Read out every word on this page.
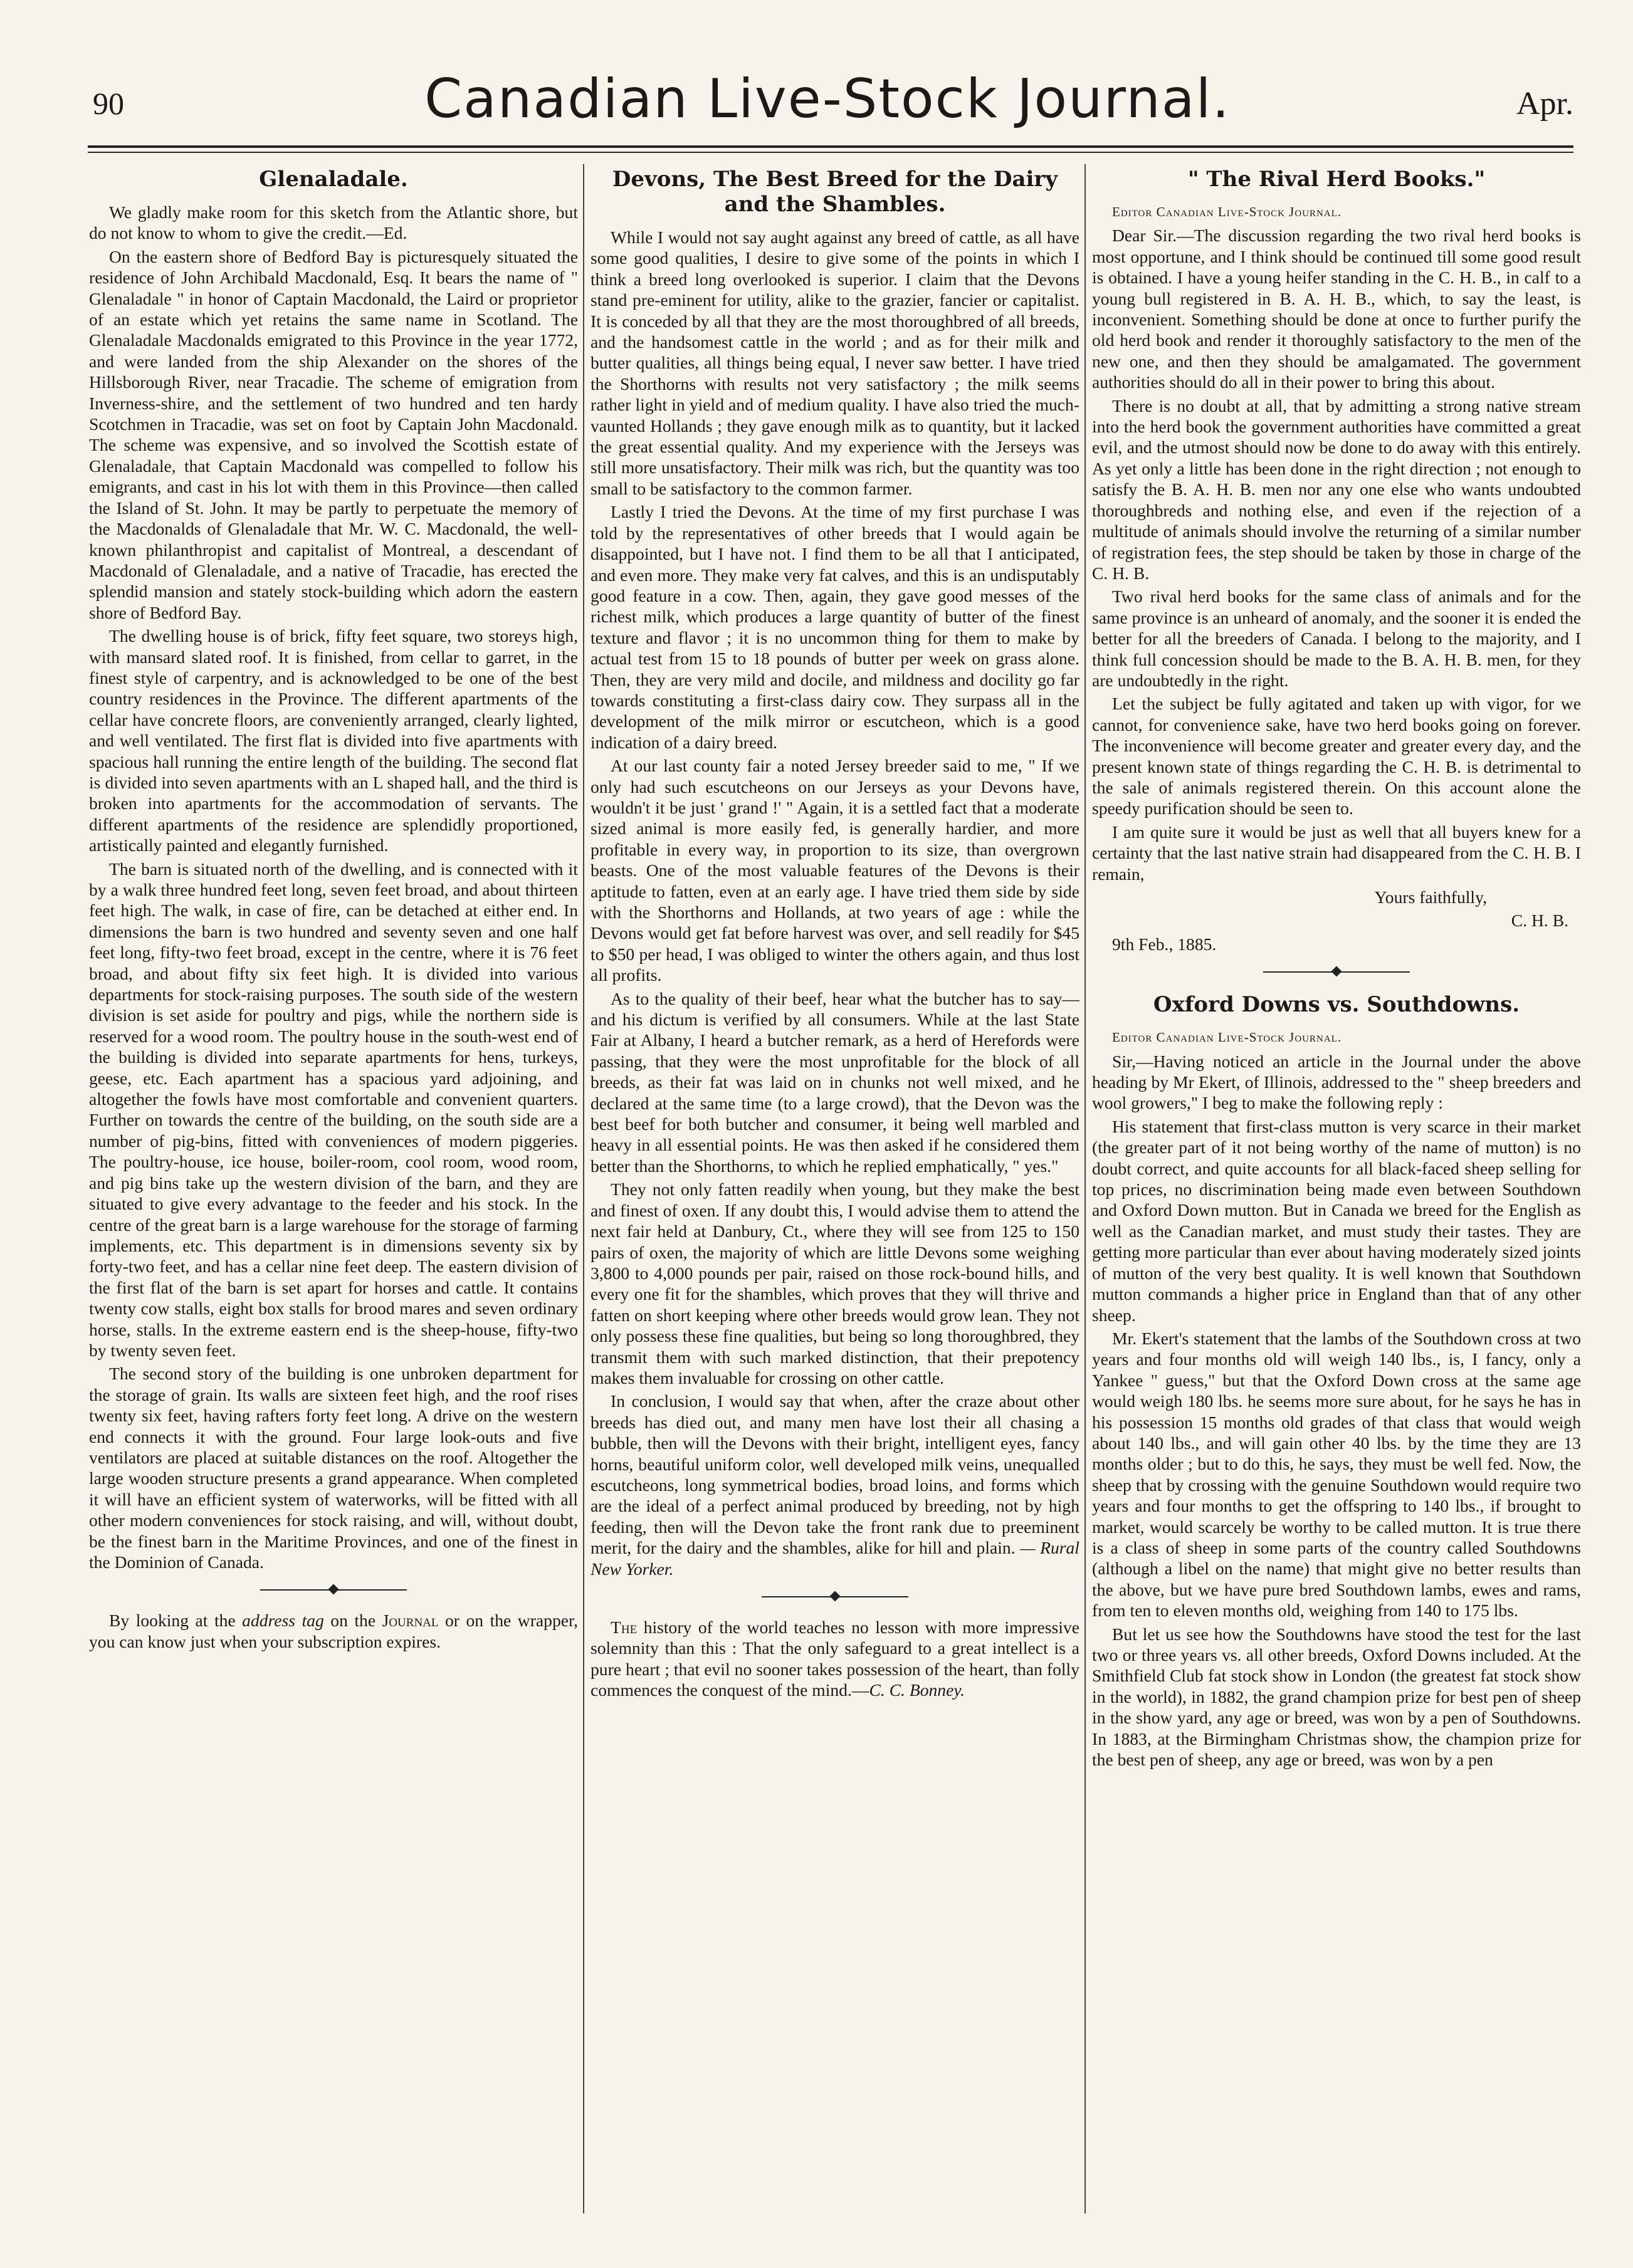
90	Canadian Live-Stock Journal.	Apr.
Glenaladale.

We gladly make room for this sketch from the Atlantic shore, but do not know to whom to give the credit.—Ed.

On the eastern shore of Bedford Bay is picturesquely situated the residence of John Archibald Macdonald, Esq. It bears the name of " Glenaladale " in honor of Captain Macdonald, the Laird or proprietor of an estate which yet retains the same name in Scotland. The Glenaladale Macdonalds emigrated to this Province in the year 1772, and were landed from the ship Alexander on the shores of the Hillsborough River, near Tracadie. The scheme of emigration from Inverness-shire, and the settlement of two hundred and ten hardy Scotchmen in Tracadie, was set on foot by Captain John Macdonald. The scheme was expensive, and so involved the Scottish estate of Glenaladale, that Captain Macdonald was compelled to follow his emigrants, and cast in his lot with them in this Province—then called the Island of St. John. It may be partly to perpetuate the memory of the Macdonalds of Glenaladale that Mr. W. C. Macdonald, the well-known philanthropist and capitalist of Montreal, a descendant of Macdonald of Glenaladale, and a native of Tracadie, has erected the splendid mansion and stately stock-building which adorn the eastern shore of Bedford Bay.

The dwelling house is of brick, fifty feet square, two storeys high, with mansard slated roof. It is finished, from cellar to garret, in the finest style of carpentry, and is acknowledged to be one of the best country residences in the Province. The different apartments of the cellar have concrete floors, are conveniently arranged, clearly lighted, and well ventilated. The first flat is divided into five apartments with spacious hall running the entire length of the building. The second flat is divided into seven apartments with an L shaped hall, and the third is broken into apartments for the accommodation of servants. The different apartments of the residence are splendidly proportioned, artistically painted and elegantly furnished.

The barn is situated north of the dwelling, and is connected with it by a walk three hundred feet long, seven feet broad, and about thirteen feet high. The walk, in case of fire, can be detached at either end. In dimensions the barn is two hundred and seventy seven and one half feet long, fifty-two feet broad, except in the centre, where it is 76 feet broad, and about fifty six feet high. It is divided into various departments for stock-raising purposes. The south side of the western division is set aside for poultry and pigs, while the northern side is reserved for a wood room. The poultry house in the south-west end of the building is divided into separate apartments for hens, turkeys, geese, etc. Each apartment has a spacious yard adjoining, and altogether the fowls have most comfortable and convenient quarters. Further on towards the centre of the building, on the south side are a number of pig-bins, fitted with conveniences of modern piggeries. The poultry-house, ice house, boiler-room, cool room, wood room, and pig bins take up the western division of the barn, and they are situated to give every advantage to the feeder and his stock. In the centre of the great barn is a large warehouse for the storage of farming implements, etc. This department is in dimensions seventy six by forty-two feet, and has a cellar nine feet deep. The eastern division of the first flat of the barn is set apart for horses and cattle. It contains twenty cow stalls, eight box stalls for brood mares and seven ordinary horse, stalls. In the extreme eastern end is the sheep-house, fifty-two by twenty seven feet.

The second story of the building is one unbroken department for the storage of grain. Its walls are sixteen feet high, and the roof rises twenty six feet, having rafters forty feet long. A drive on the western end connects it with the ground. Four large look-outs and five ventilators are placed at suitable distances on the roof. Altogether the large wooden structure presents a grand appearance. When completed it will have an efficient system of waterworks, will be fitted with all other modern conveniences for stock raising, and will, without doubt, be the finest barn in the Maritime Provinces, and one of the finest in the Dominion of Canada.

By looking at the address tag on the Journal or on the wrapper, you can know just when your subscription expires.

Devons, The Best Breed for the Dairy and the Shambles.

While I would not say aught against any breed of cattle, as all have some good qualities, I desire to give some of the points in which I think a breed long overlooked is superior. I claim that the Devons stand pre-eminent for utility, alike to the grazier, fancier or capitalist. It is conceded by all that they are the most thoroughbred of all breeds, and the handsomest cattle in the world ; and as for their milk and butter qualities, all things being equal, I never saw better. I have tried the Shorthorns with results not very satisfactory ; the milk seems rather light in yield and of medium quality. I have also tried the much-vaunted Hollands ; they gave enough milk as to quantity, but it lacked the great essential quality. And my experience with the Jerseys was still more unsatisfactory. Their milk was rich, but the quantity was too small to be satisfactory to the common farmer.

Lastly I tried the Devons. At the time of my first purchase I was told by the representatives of other breeds that I would again be disappointed, but I have not. I find them to be all that I anticipated, and even more. They make very fat calves, and this is an undisputably good feature in a cow. Then, again, they gave good messes of the richest milk, which produces a large quantity of butter of the finest texture and flavor ; it is no uncommon thing for them to make by actual test from 15 to 18 pounds of butter per week on grass alone. Then, they are very mild and docile, and mildness and docility go far towards constituting a first-class dairy cow. They surpass all in the development of the milk mirror or escutcheon, which is a good indication of a dairy breed.

At our last county fair a noted Jersey breeder said to me, " If we only had such escutcheons on our Jerseys as your Devons have, wouldn't it be just ' grand !' " Again, it is a settled fact that a moderate sized animal is more easily fed, is generally hardier, and more profitable in every way, in proportion to its size, than overgrown beasts. One of the most valuable features of the Devons is their aptitude to fatten, even at an early age. I have tried them side by side with the Shorthorns and Hollands, at two years of age : while the Devons would get fat before harvest was over, and sell readily for $45 to $50 per head, I was obliged to winter the others again, and thus lost all profits.

As to the quality of their beef, hear what the butcher has to say—and his dictum is verified by all consumers. While at the last State Fair at Albany, I heard a butcher remark, as a herd of Herefords were passing, that they were the most unprofitable for the block of all breeds, as their fat was laid on in chunks not well mixed, and he declared at the same time (to a large crowd), that the Devon was the best beef for both butcher and consumer, it being well marbled and heavy in all essential points. He was then asked if he considered them better than the Shorthorns, to which he replied emphatically, " yes."

They not only fatten readily when young, but they make the best and finest of oxen. If any doubt this, I would advise them to attend the next fair held at Danbury, Ct., where they will see from 125 to 150 pairs of oxen, the majority of which are little Devons some weighing 3,800 to 4,000 pounds per pair, raised on those rock-bound hills, and every one fit for the shambles, which proves that they will thrive and fatten on short keeping where other breeds would grow lean. They not only possess these fine qualities, but being so long thoroughbred, they transmit them with such marked distinction, that their prepotency makes them invaluable for crossing on other cattle.

In conclusion, I would say that when, after the craze about other breeds has died out, and many men have lost their all chasing a bubble, then will the Devons with their bright, intelligent eyes, fancy horns, beautiful uniform color, well developed milk veins, unequalled escutcheons, long symmetrical bodies, broad loins, and forms which are the ideal of a perfect animal produced by breeding, not by high feeding, then will the Devon take the front rank due to preeminent merit, for the dairy and the shambles, alike for hill and plain. — Rural New Yorker.

The history of the world teaches no lesson with more impressive solemnity than this : That the only safeguard to a great intellect is a pure heart ; that evil no sooner takes possession of the heart, than folly commences the conquest of the mind.—C. C. Bonney.

" The Rival Herd Books."

Editor Canadian Live-Stock Journal.

Dear Sir.—The discussion regarding the two rival herd books is most opportune, and I think should be continued till some good result is obtained. I have a young heifer standing in the C. H. B., in calf to a young bull registered in B. A. H. B., which, to say the least, is inconvenient. Something should be done at once to further purify the old herd book and render it thoroughly satisfactory to the men of the new one, and then they should be amalgamated. The government authorities should do all in their power to bring this about.

There is no doubt at all, that by admitting a strong native stream into the herd book the government authorities have committed a great evil, and the utmost should now be done to do away with this entirely. As yet only a little has been done in the right direction ; not enough to satisfy the B. A. H. B. men nor any one else who wants undoubted thoroughbreds and nothing else, and even if the rejection of a multitude of animals should involve the returning of a similar number of registration fees, the step should be taken by those in charge of the C. H. B.

Two rival herd books for the same class of animals and for the same province is an unheard of anomaly, and the sooner it is ended the better for all the breeders of Canada. I belong to the majority, and I think full concession should be made to the B. A. H. B. men, for they are undoubtedly in the right.

Let the subject be fully agitated and taken up with vigor, for we cannot, for convenience sake, have two herd books going on forever. The inconvenience will become greater and greater every day, and the present known state of things regarding the C. H. B. is detrimental to the sale of animals registered therein. On this account alone the speedy purification should be seen to.

I am quite sure it would be just as well that all buyers knew for a certainty that the last native strain had disappeared from the C. H. B. I remain,

Yours faithfully,

C. H. B.

9th Feb., 1885.

Oxford Downs vs. Southdowns.

Editor Canadian Live-Stock Journal.

Sir,—Having noticed an article in the Journal under the above heading by Mr Ekert, of Illinois, addressed to the " sheep breeders and wool growers," I beg to make the following reply :

His statement that first-class mutton is very scarce in their market (the greater part of it not being worthy of the name of mutton) is no doubt correct, and quite accounts for all black-faced sheep selling for top prices, no discrimination being made even between Southdown and Oxford Down mutton. But in Canada we breed for the English as well as the Canadian market, and must study their tastes. They are getting more particular than ever about having moderately sized joints of mutton of the very best quality. It is well known that Southdown mutton commands a higher price in England than that of any other sheep.

Mr. Ekert's statement that the lambs of the Southdown cross at two years and four months old will weigh 140 lbs., is, I fancy, only a Yankee " guess," but that the Oxford Down cross at the same age would weigh 180 lbs. he seems more sure about, for he says he has in his possession 15 months old grades of that class that would weigh about 140 lbs., and will gain other 40 lbs. by the time they are 13 months older ; but to do this, he says, they must be well fed. Now, the sheep that by crossing with the genuine Southdown would require two years and four months to get the offspring to 140 lbs., if brought to market, would scarcely be worthy to be called mutton. It is true there is a class of sheep in some parts of the country called Southdowns (although a libel on the name) that might give no better results than the above, but we have pure bred Southdown lambs, ewes and rams, from ten to eleven months old, weighing from 140 to 175 lbs.

But let us see how the Southdowns have stood the test for the last two or three years vs. all other breeds, Oxford Downs included. At the Smithfield Club fat stock show in London (the greatest fat stock show in the world), in 1882, the grand champion prize for best pen of sheep in the show yard, any age or breed, was won by a pen of Southdowns. In 1883, at the Birmingham Christmas show, the champion prize for the best pen of sheep, any age or breed, was won by a pen
